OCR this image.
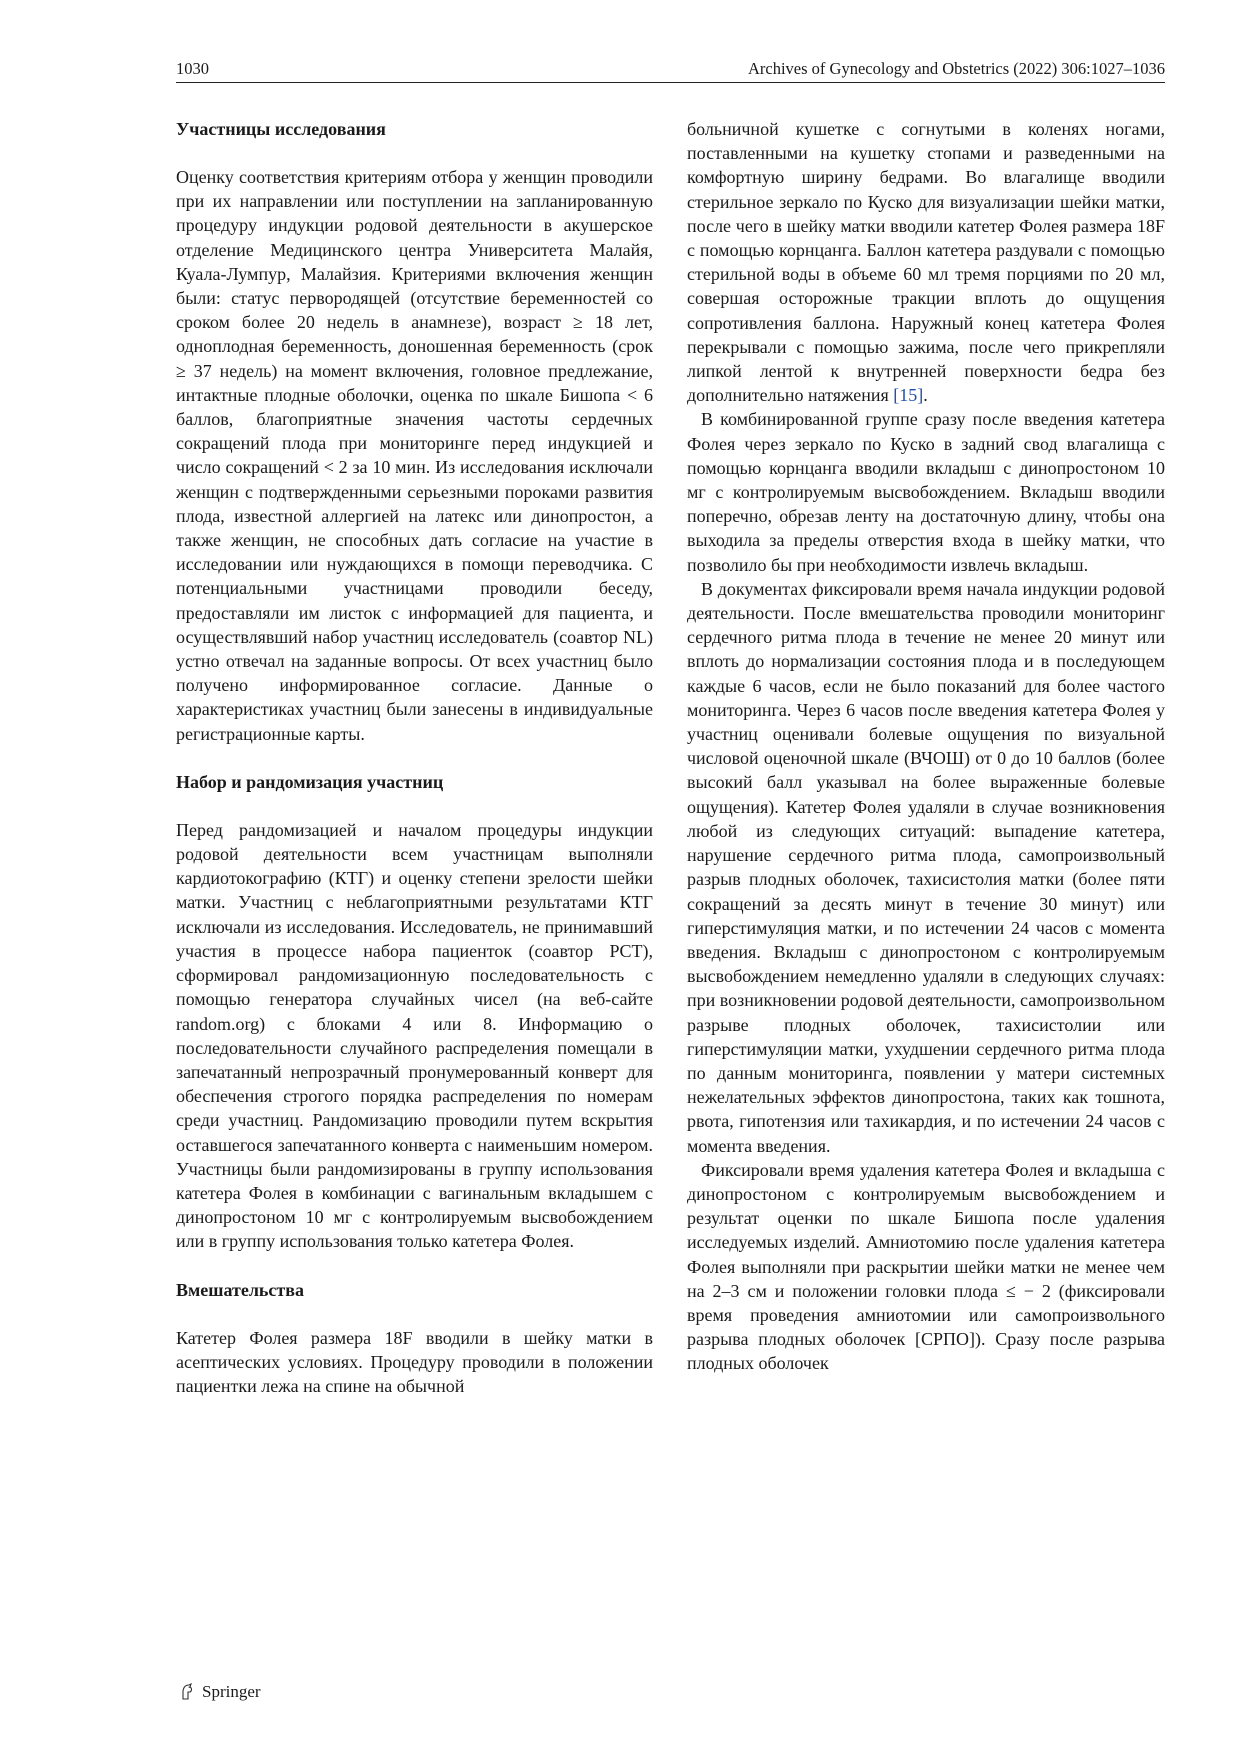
1030	Archives of Gynecology and Obstetrics (2022) 306:1027–1036
Участницы исследования

Оценку соответствия критериям отбора у женщин проводили при их направлении или поступлении на запланированную процедуру индукции родовой деятельности в акушерское отделение Медицинского центра Университета Малайя, Куала-Лумпур, Малайзия. Критериями включения женщин были: статус первородящей (отсутствие беременностей со сроком более 20 недель в анамнезе), возраст ≥ 18 лет, одноплодная беременность, доношенная беременность (срок ≥ 37 недель) на момент включения, головное предлежание, интактные плодные оболочки, оценка по шкале Бишопа < 6 баллов, благоприятные значения частоты сердечных сокращений плода при мониторинге перед индукцией и число сокращений < 2 за 10 мин. Из исследования исключали женщин с подтвержденными серьезными пороками развития плода, известной аллергией на латекс или динопростон, а также женщин, не способных дать согласие на участие в исследовании или нуждающихся в помощи переводчика. С потенциальными участницами проводили беседу, предоставляли им листок с информацией для пациента, и осуществлявший набор участниц исследователь (соавтор NL) устно отвечал на заданные вопросы. От всех участниц было получено информированное согласие. Данные о характеристиках участниц были занесены в индивидуальные регистрационные карты.

Набор и рандомизация участниц

Перед рандомизацией и началом процедуры индукции родовой деятельности всем участницам выполняли кардиотокографию (КТГ) и оценку степени зрелости шейки матки. Участниц с неблагоприятными результатами КТГ исключали из исследования. Исследователь, не принимавший участия в процессе набора пациенток (соавтор PCT), сформировал рандомизационную последовательность с помощью генератора случайных чисел (на веб-сайте random.org) с блоками 4 или 8. Информацию о последовательности случайного распределения помещали в запечатанный непрозрачный пронумерованный конверт для обеспечения строгого порядка распределения по номерам среди участниц. Рандомизацию проводили путем вскрытия оставшегося запечатанного конверта с наименьшим номером. Участницы были рандомизированы в группу использования катетера Фолея в комбинации с вагинальным вкладышем с динопростоном 10 мг с контролируемым высвобождением или в группу использования только катетера Фолея.

Вмешательства

Катетер Фолея размера 18F вводили в шейку матки в асептических условиях. Процедуру проводили в положении пациентки лежа на спине на обычной

больничной кушетке с согнутыми в коленях ногами, поставленными на кушетку стопами и разведенными на комфортную ширину бедрами. Во влагалище вводили стерильное зеркало по Куско для визуализации шейки матки, после чего в шейку матки вводили катетер Фолея размера 18F с помощью корнцанга. Баллон катетера раздували с помощью стерильной воды в объеме 60 мл тремя порциями по 20 мл, совершая осторожные тракции вплоть до ощущения сопротивления баллона. Наружный конец катетера Фолея перекрывали с помощью зажима, после чего прикрепляли липкой лентой к внутренней поверхности бедра без дополнительно натяжения [15].

В комбинированной группе сразу после введения катетера Фолея через зеркало по Куско в задний свод влагалища с помощью корнцанга вводили вкладыш с динопростоном 10 мг с контролируемым высвобождением. Вкладыш вводили поперечно, обрезав ленту на достаточную длину, чтобы она выходила за пределы отверстия входа в шейку матки, что позволило бы при необходимости извлечь вкладыш.

В документах фиксировали время начала индукции родовой деятельности. После вмешательства проводили мониторинг сердечного ритма плода в течение не менее 20 минут или вплоть до нормализации состояния плода и в последующем каждые 6 часов, если не было показаний для более частого мониторинга. Через 6 часов после введения катетера Фолея у участниц оценивали болевые ощущения по визуальной числовой оценочной шкале (ВЧОШ) от 0 до 10 баллов (более высокий балл указывал на более выраженные болевые ощущения). Катетер Фолея удаляли в случае возникновения любой из следующих ситуаций: выпадение катетера, нарушение сердечного ритма плода, самопроизвольный разрыв плодных оболочек, тахисистолия матки (более пяти сокращений за десять минут в течение 30 минут) или гиперстимуляция матки, и по истечении 24 часов с момента введения. Вкладыш с динопростоном с контролируемым высвобождением немедленно удаляли в следующих случаях: при возникновении родовой деятельности, самопроизвольном разрыве плодных оболочек, тахисистолии или гиперстимуляции матки, ухудшении сердечного ритма плода по данным мониторинга, появлении у матери системных нежелательных эффектов динопростона, таких как тошнота, рвота, гипотензия или тахикардия, и по истечении 24 часов с момента введения.

Фиксировали время удаления катетера Фолея и вкладыша с динопростоном с контролируемым высвобождением и результат оценки по шкале Бишопа после удаления исследуемых изделий. Амниотомию после удаления катетера Фолея выполняли при раскрытии шейки матки не менее чем на 2–3 см и положении головки плода ≤ − 2 (фиксировали время проведения амниотомии или самопроизвольного разрыва плодных оболочек [СРПО]). Сразу после разрыва плодных оболочек

Springer
